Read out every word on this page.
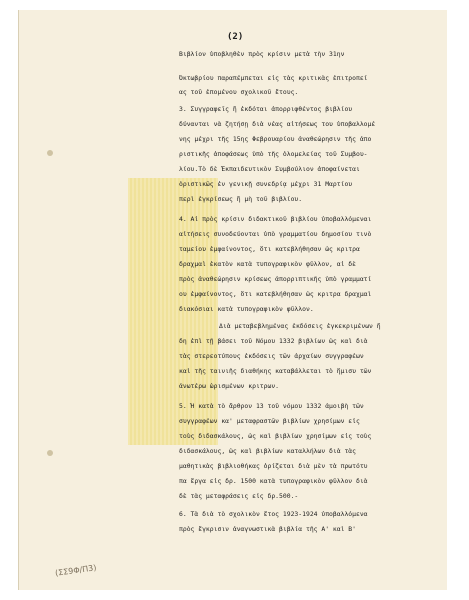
(2)
Βιβλίον ὑποβληθὲν πρὸς κρίσιν μετὰ τὴν 31ην
Ὀκτωβρίου παραπέμπεται εἰς τὰς κριτικὰς ἐπιτροπεί
ας τοῦ ἐπομένου σχολικοῦ ἔτους.
3. Συγγραφεῖς ἢ ἐκδόται ἀπορριφθέντος βιβλίου
δύνανται νὰ ζητήσῃ διὰ νέας αἰτήσεως του ὑποβαλλομέ
νης μέχρι τῆς 15ης Φεβρουαρίου ἀναθεώρησιν τῆς ἀπο
ριστικῆς ἀποφάσεως ὑπὸ τῆς ὁλομελείας τοῦ Συμβου-
λίου.Τὸ δὲ Ἐκπαιδευτικὸν Συμβούλιον ἀποφαίνεται
ὁριστικῶς ἐν γενικῇ συνεδρίᾳ μέχρι 31 Μαρτίου
περὶ ἐγκρίσεως ἢ μὴ τοῦ βιβλίου.
4. Αἱ πρὸς κρίσιν διδακτικοῦ βιβλίου ὑποβαλλόμεναι
αἰτήσεις συνοδεύονται ὑπὸ γραμματίου δημοσίου τινὸ
ταμείου ἐμφαίνοντος, ὅτι κατεβλήθησαν ὡς κριτρα
δραχμαὶ ἑκατὸν κατὰ τυπογραφικὸν φῦλλον, αἱ δὲ
πρὸς ἀναθεώρησιν κρίσεως ἀπορριπτικῆς ὑπὸ γραμματί
ου ἐμφαίνοντος, ὅτι κατεβλήθησαν ὡς κριτρα δραχμαὶ
διακόσιαι κατὰ τυπογραφικὸν φῦλλον.
Διὰ μεταβεβλημένας ἐκδόσεις ἐγκεκριμένων ἤ
δη ἐπὶ τῇ βάσει τοῦ Νόμου 1332 βιβλίων ὡς καὶ διὰ
τὰς στερεοτύπους ἐκδόσεις τῶν ἀρχαίων συγγραφέων
καὶ τῆς ταινιῆς διαθήκης καταβάλλεται τὸ ἥμισυ τῶν
ἀνωτέρω ὡρισμένων κριτρων.
5. Ἡ κατὰ τὸ ἄρθρον 13 τοῦ νόμου 1332 ἀμοιβὴ τῶν
συγγραφέων κα' μεταφραστῶν βιβλίων χρησίμων εἰς
τοὺς διδασκάλους, ὡς καὶ βιβλίων χρησίμων εἰς τοὺς
διδασκάλους, ὡς καὶ βιβλίων καταλλήλων διὰ τὰς
μαθητικὰς βιβλιοθήκας ὁρίζεται διὰ μὲν τὰ πρωτότυ
πα ἔργα εἰς δρ. 1500 κατὰ τυπογραφικὸν φῦλλον διὰ
δὲ τὰς μεταφράσεις εἰς δρ.500.-
6. Τὰ διὰ τὸ σχολικὸν ἔτος 1923-1924 ὑποβαλλόμενα
πρὸς ἔγκρισιν ἀναγνωστικὰ βιβλία τῆς Α' καὶ Β'
(ΣΣ9Φ/Π3)
